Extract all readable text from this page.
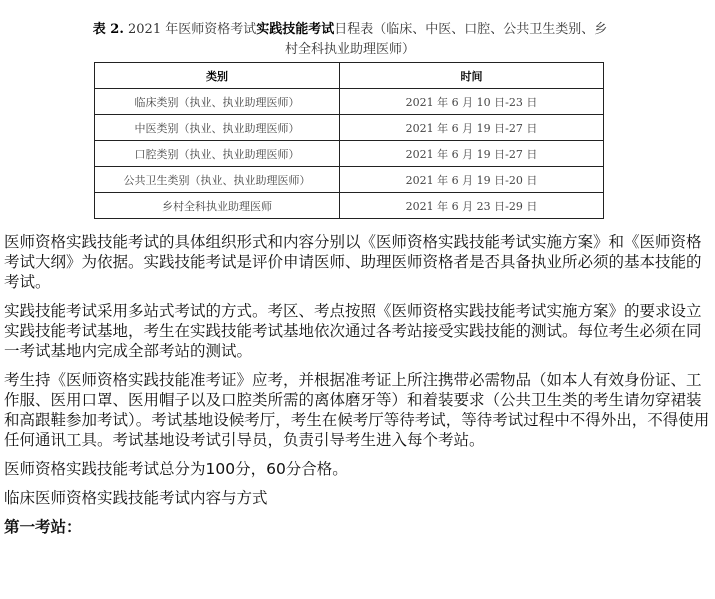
表 2. 2021 年医师资格考试实践技能考试日程表（临床、中医、口腔、公共卫生类别、乡村全科执业助理医师）
类别	时间
临床类别（执业、执业助理医师）	2021 年 6 月 10 日-23 日
中医类别（执业、执业助理医师）	2021 年 6 月 19 日-27 日
口腔类别（执业、执业助理医师）	2021 年 6 月 19 日-27 日
公共卫生类别（执业、执业助理医师）	2021 年 6 月 19 日-20 日
乡村全科执业助理医师	2021 年 6 月 23 日-29 日

医师资格实践技能考试的具体组织形式和内容分别以《医师资格实践技能考试实施方案》和《医师资格考试大纲》为依据。实践技能考试是评价申请医师、助理医师资格者是否具备执业所必须的基本技能的考试。

实践技能考试采用多站式考试的方式。考区、考点按照《医师资格实践技能考试实施方案》的要求设立实践技能考试基地，考生在实践技能考试基地依次通过各考站接受实践技能的测试。每位考生必须在同一考试基地内完成全部考站的测试。

考生持《医师资格实践技能准考证》应考，并根据准考证上所注携带必需物品（如本人有效身份证、工作服、医用口罩、医用帽子以及口腔类所需的离体磨牙等）和着装要求（公共卫生类的考生请勿穿裙装和高跟鞋参加考试）。考试基地设候考厅，考生在候考厅等待考试，等待考试过程中不得外出，不得使用任何通讯工具。考试基地设考试引导员，负责引导考生进入每个考站。

医师资格实践技能考试总分为100分，60分合格。

临床医师资格实践技能考试内容与方式

第一考站：
